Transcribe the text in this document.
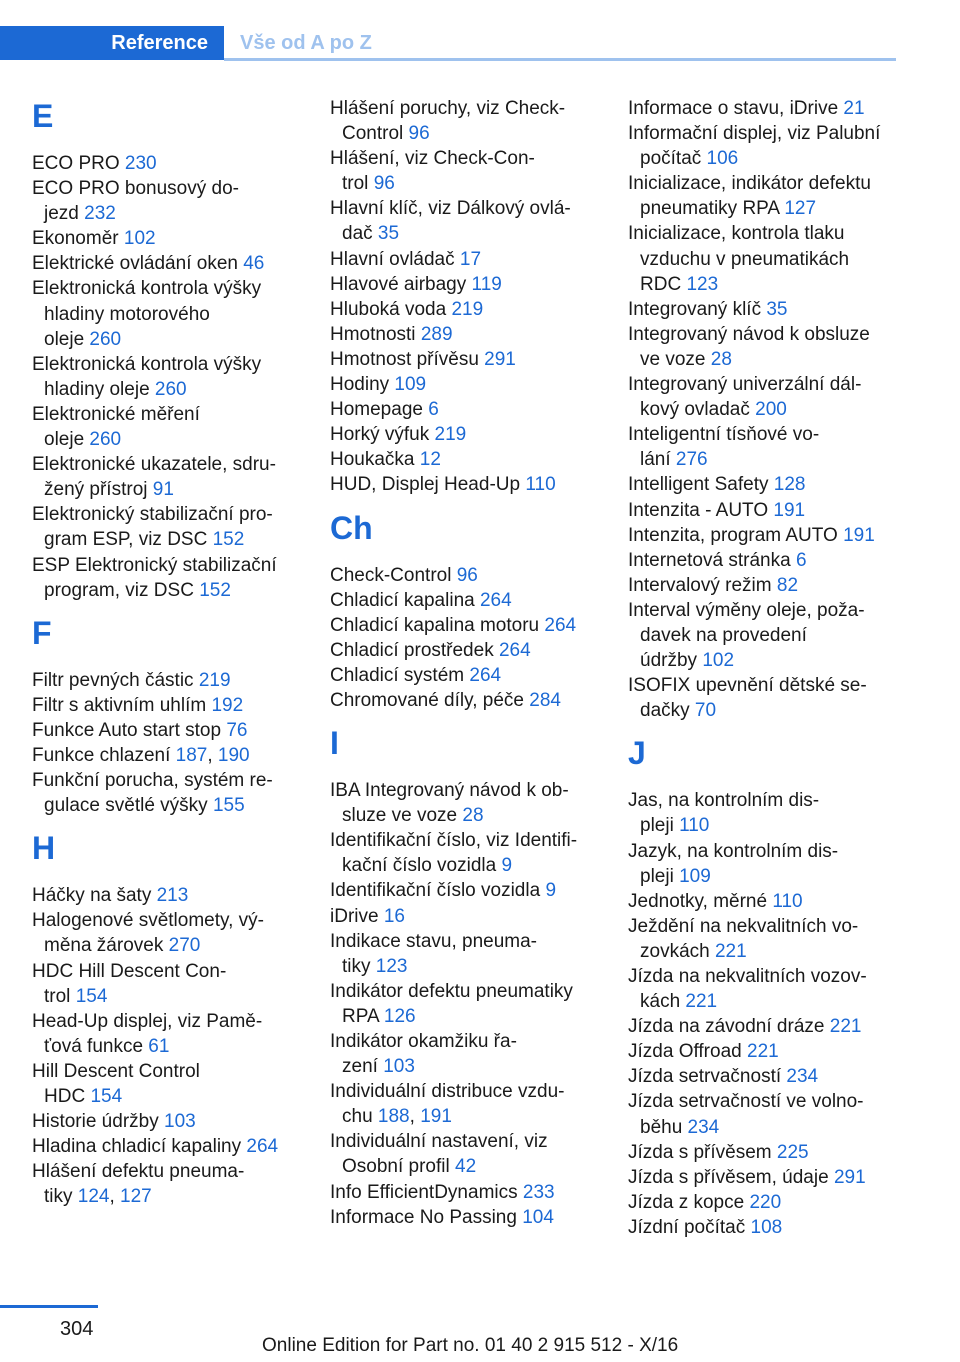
Reference	Vše od A po Z
E
ECO PRO 230
ECO PRO bonusový do-
jezd 232
Ekonoměr 102
Elektrické ovládání oken 46
Elektronická kontrola výšky
hladiny motorového
oleje 260
Elektronická kontrola výšky
hladiny oleje 260
Elektronické měření
oleje 260
Elektronické ukazatele, sdru-
žený přístroj 91
Elektronický stabilizační pro-
gram ESP, viz DSC 152
ESP Elektronický stabilizační
program, viz DSC 152
F
Filtr pevných částic 219
Filtr s aktivním uhlím 192
Funkce Auto start stop 76
Funkce chlazení 187, 190
Funkční porucha, systém re-
gulace světlé výšky 155
H
Háčky na šaty 213
Halogenové světlomety, vý-
měna žárovek 270
HDC Hill Descent Con-
trol 154
Head-Up displej, viz Pamě-
ťová funkce 61
Hill Descent Control
HDC 154
Historie údržby 103
Hladina chladicí kapaliny 264
Hlášení defektu pneuma-
tiky 124, 127
Hlášení poruchy, viz Check-
Control 96
Hlášení, viz Check-Con-
trol 96
Hlavní klíč, viz Dálkový ovlá-
dač 35
Hlavní ovládač 17
Hlavové airbagy 119
Hluboká voda 219
Hmotnosti 289
Hmotnost přívěsu 291
Hodiny 109
Homepage 6
Horký výfuk 219
Houkačka 12
HUD, Displej Head-Up 110
Ch
Check-Control 96
Chladicí kapalina 264
Chladicí kapalina motoru 264
Chladicí prostředek 264
Chladicí systém 264
Chromované díly, péče 284
I
IBA Integrovaný návod k ob-
sluze ve voze 28
Identifikační číslo, viz Identifi-
kační číslo vozidla 9
Identifikační číslo vozidla 9
iDrive 16
Indikace stavu, pneuma-
tiky 123
Indikátor defektu pneumatiky
RPA 126
Indikátor okamžiku řa-
zení 103
Individuální distribuce vzdu-
chu 188, 191
Individuální nastavení, viz
Osobní profil 42
Info EfficientDynamics 233
Informace No Passing 104
Informace o stavu, iDrive 21
Informační displej, viz Palubní
počítač 106
Inicializace, indikátor defektu
pneumatiky RPA 127
Inicializace, kontrola tlaku
vzduchu v pneumatikách
RDC 123
Integrovaný klíč 35
Integrovaný návod k obsluze
ve voze 28
Integrovaný univerzální dál-
kový ovladač 200
Inteligentní tísňové vo-
lání 276
Intelligent Safety 128
Intenzita - AUTO 191
Intenzita, program AUTO 191
Internetová stránka 6
Intervalový režim 82
Interval výměny oleje, poža-
davek na provedení
údržby 102
ISOFIX upevnění dětské se-
dačky 70
J
Jas, na kontrolním dis-
pleji 110
Jazyk, na kontrolním dis-
pleji 109
Jednotky, měrné 110
Ježdění na nekvalitních vo-
zovkách 221
Jízda na nekvalitních vozov-
kách 221
Jízda na závodní dráze 221
Jízda Offroad 221
Jízda setrvačností 234
Jízda setrvačností ve volno-
běhu 234
Jízda s přívěsem 225
Jízda s přívěsem, údaje 291
Jízda z kopce 220
Jízdní počítač 108
304
Online Edition for Part no. 01 40 2 915 512 - X/16
